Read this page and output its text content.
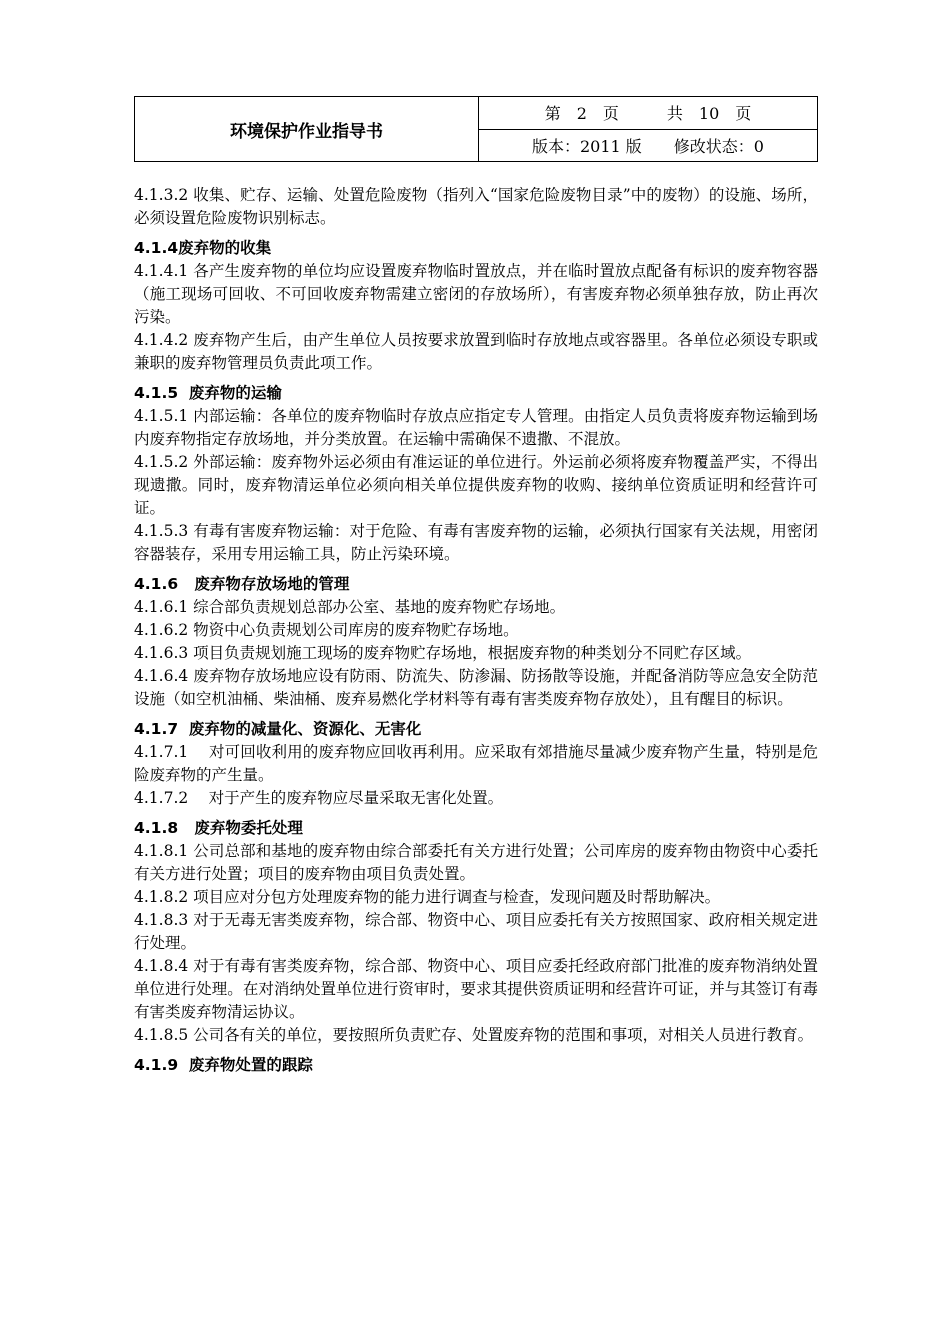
环境保护作业指导书
第　2　页　　　共　10　页
版本：2011 版　　修改状态：0

4.1.3.2 收集、贮存、运输、处置危险废物（指列入“国家危险废物目录”中的废物）的设施、场所，必须设置危险废物识别标志。

4.1.4废弃物的收集

4.1.4.1 各产生废弃物的单位均应设置废弃物临时置放点，并在临时置放点配备有标识的废弃物容器（施工现场可回收、不可回收废弃物需建立密闭的存放场所），有害废弃物必须单独存放，防止再次污染。

4.1.4.2 废弃物产生后，由产生单位人员按要求放置到临时存放地点或容器里。各单位必须设专职或兼职的废弃物管理员负责此项工作。

4.1.5  废弃物的运输

4.1.5.1 内部运输：各单位的废弃物临时存放点应指定专人管理。由指定人员负责将废弃物运输到场内废弃物指定存放场地，并分类放置。在运输中需确保不遗撒、不混放。

4.1.5.2 外部运输：废弃物外运必须由有准运证的单位进行。外运前必须将废弃物覆盖严实，不得出现遗撒。同时，废弃物清运单位必须向相关单位提供废弃物的收购、接纳单位资质证明和经营许可证。

4.1.5.3 有毒有害废弃物运输：对于危险、有毒有害废弃物的运输，必须执行国家有关法规，用密闭容器装存，采用专用运输工具，防止污染环境。

4.1.6   废弃物存放场地的管理

4.1.6.1 综合部负责规划总部办公室、基地的废弃物贮存场地。

4.1.6.2 物资中心负责规划公司库房的废弃物贮存场地。

4.1.6.3 项目负责规划施工现场的废弃物贮存场地，根据废弃物的种类划分不同贮存区域。

4.1.6.4 废弃物存放场地应设有防雨、防流失、防渗漏、防扬散等设施，并配备消防等应急安全防范设施（如空机油桶、柴油桶、废弃易燃化学材料等有毒有害类废弃物存放处），且有醒目的标识。

4.1.7  废弃物的减量化、资源化、无害化

4.1.7.1　 对可回收利用的废弃物应回收再利用。应采取有郊措施尽量减少废弃物产生量，特别是危险废弃物的产生量。

4.1.7.2　 对于产生的废弃物应尽量采取无害化处置。

4.1.8   废弃物委托处理

4.1.8.1 公司总部和基地的废弃物由综合部委托有关方进行处置；公司库房的废弃物由物资中心委托有关方进行处置；项目的废弃物由项目负责处置。

4.1.8.2 项目应对分包方处理废弃物的能力进行调查与检查，发现问题及时帮助解决。

4.1.8.3 对于无毒无害类废弃物，综合部、物资中心、项目应委托有关方按照国家、政府相关规定进行处理。

4.1.8.4 对于有毒有害类废弃物，综合部、物资中心、项目应委托经政府部门批准的废弃物消纳处置单位进行处理。在对消纳处置单位进行资审时，要求其提供资质证明和经营许可证，并与其签订有毒有害类废弃物清运协议。

4.1.8.5 公司各有关的单位，要按照所负责贮存、处置废弃物的范围和事项，对相关人员进行教育。

4.1.9  废弃物处置的跟踪
